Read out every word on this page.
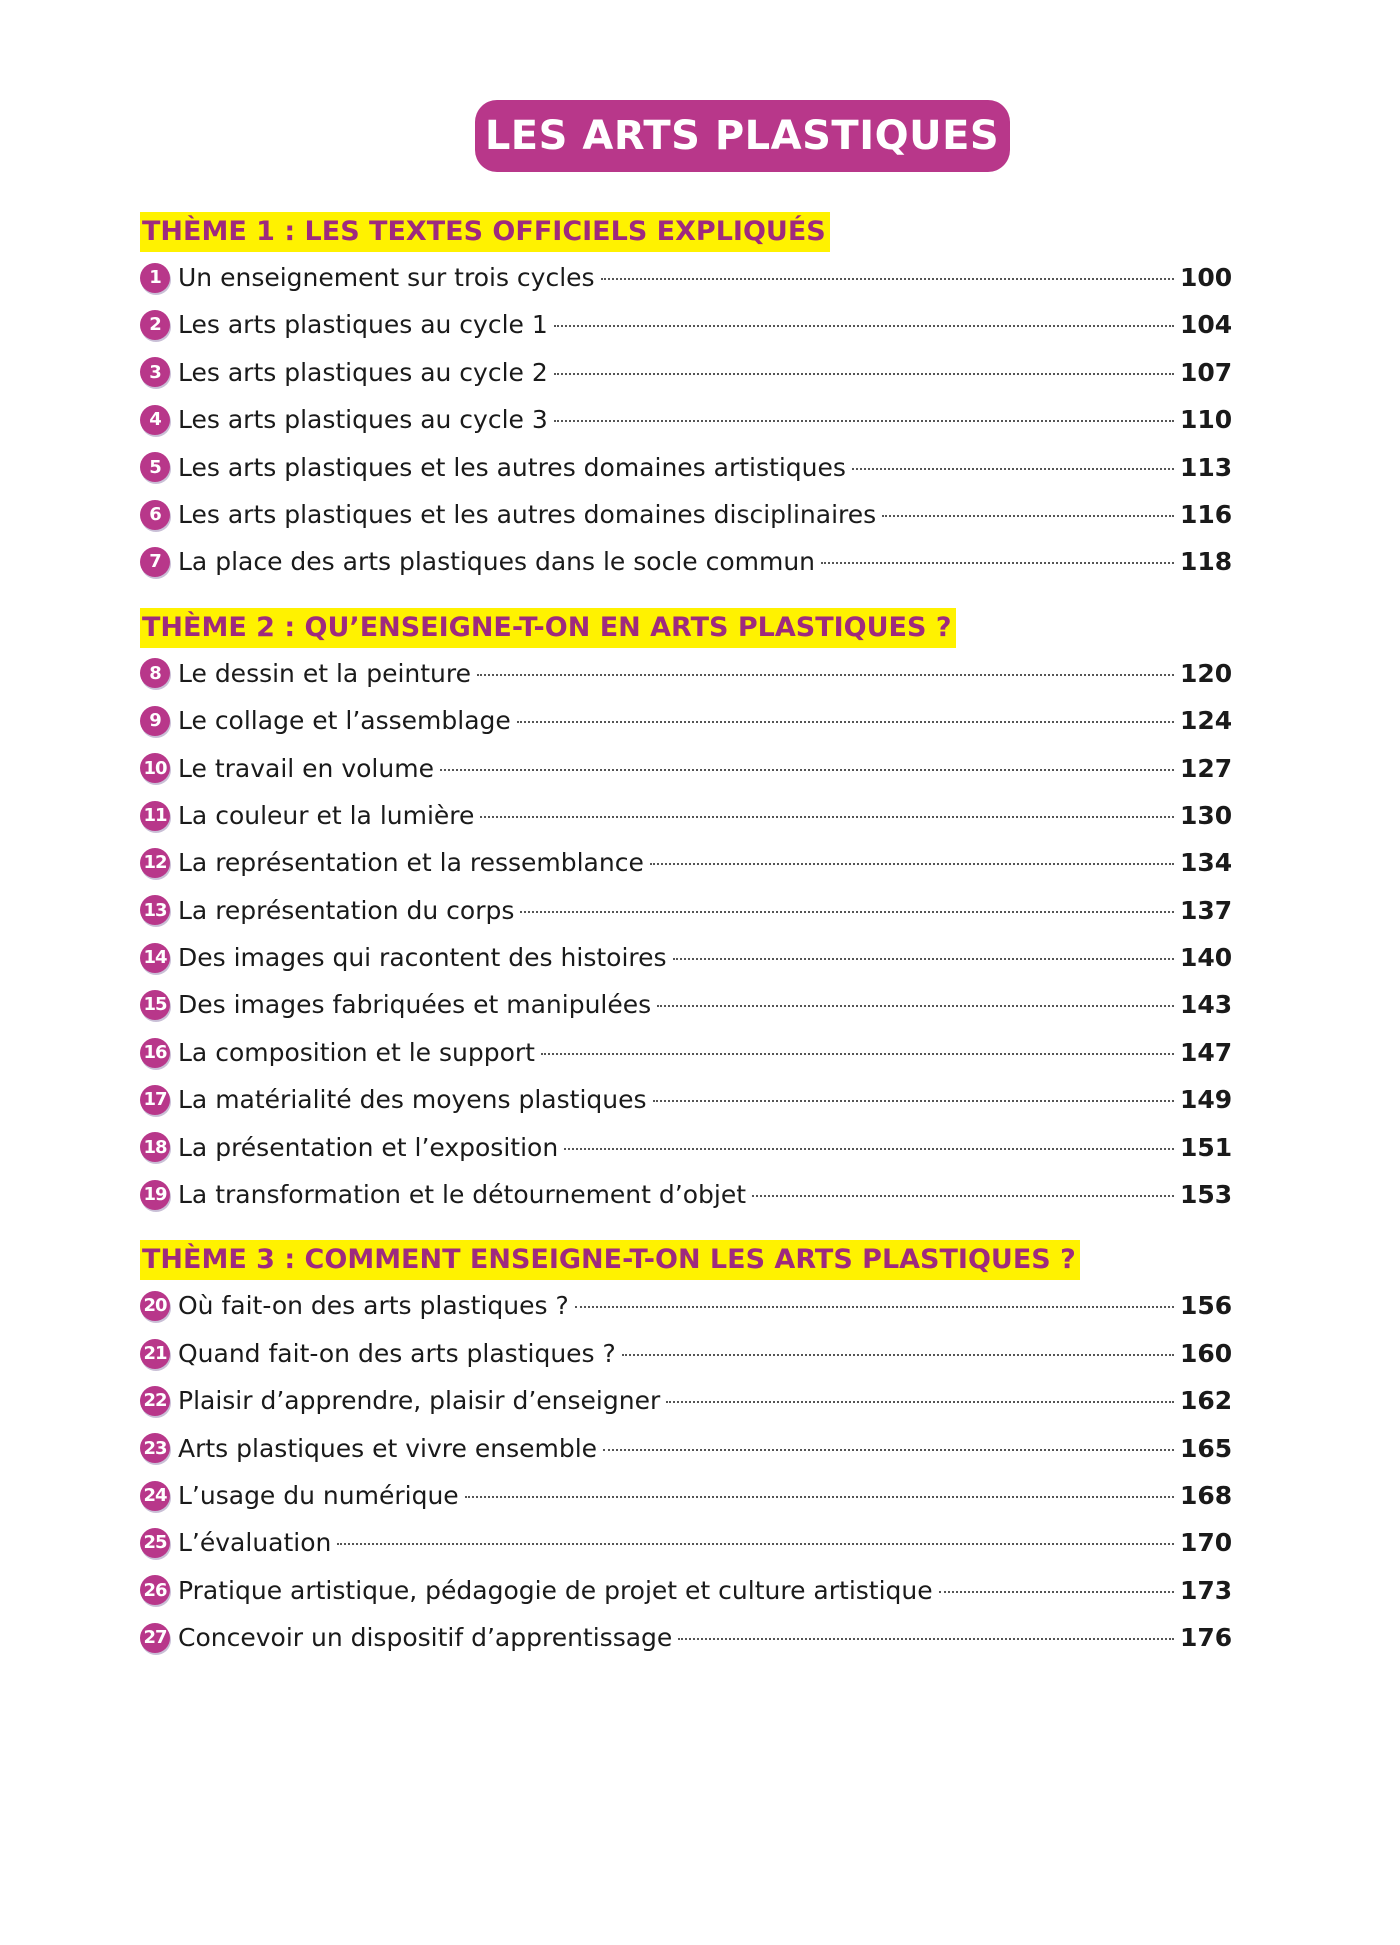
LES ARTS PLASTIQUES
THÈME 1 : LES TEXTES OFFICIELS EXPLIQUÉS
1 Un enseignement sur trois cycles	100
2 Les arts plastiques au cycle 1	104
3 Les arts plastiques au cycle 2	107
4 Les arts plastiques au cycle 3	110
5 Les arts plastiques et les autres domaines artistiques	113
6 Les arts plastiques et les autres domaines disciplinaires	116
7 La place des arts plastiques dans le socle commun	118
THÈME 2 : QU’ENSEIGNE-T-ON EN ARTS PLASTIQUES ?
8 Le dessin et la peinture	120
9 Le collage et l’assemblage	124
10 Le travail en volume	127
11 La couleur et la lumière	130
12 La représentation et la ressemblance	134
13 La représentation du corps	137
14 Des images qui racontent des histoires	140
15 Des images fabriquées et manipulées	143
16 La composition et le support	147
17 La matérialité des moyens plastiques	149
18 La présentation et l’exposition	151
19 La transformation et le détournement d’objet	153
THÈME 3 : COMMENT ENSEIGNE-T-ON LES ARTS PLASTIQUES ?
20 Où fait-on des arts plastiques ?	156
21 Quand fait-on des arts plastiques ?	160
22 Plaisir d’apprendre, plaisir d’enseigner	162
23 Arts plastiques et vivre ensemble	165
24 L’usage du numérique	168
25 L’évaluation	170
26 Pratique artistique, pédagogie de projet et culture artistique	173
27 Concevoir un dispositif d’apprentissage	176
